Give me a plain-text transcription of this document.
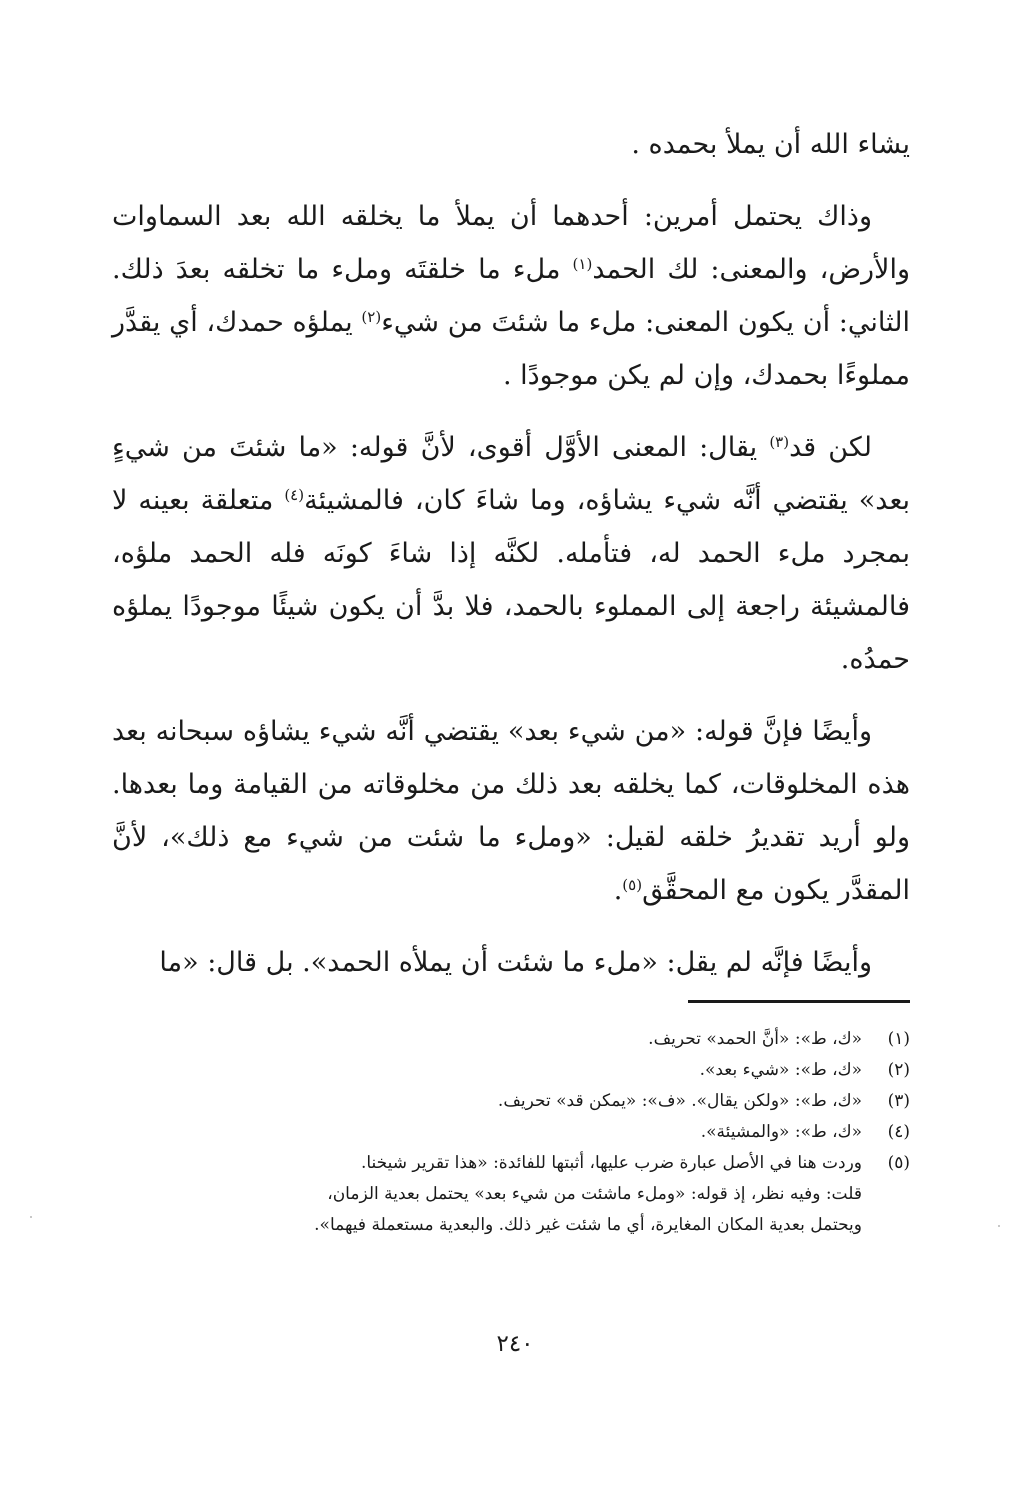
يشاء الله أن يملأ بحمده .

وذاك يحتمل أمرين: أحدهما أن يملأ ما يخلقه الله بعد السماوات والأرض، والمعنى: لك الحمد$^{(١)}$ ملء ما خلقتَه وملء ما تخلقه بعدَ ذلك. الثاني: أن يكون المعنى: ملء ما شئتَ من شيء$^{(٢)}$ يملؤه حمدك، أي يقدَّر مملوءًا بحمدك، وإن لم يكن موجودًا .

لكن قد$^{(٣)}$ يقال: المعنى الأوَّل أقوى، لأنَّ قوله: «ما شئتَ من شيءٍ بعد» يقتضي أنَّه شيء يشاؤه، وما شاءَ كان، فالمشيئة$^{(٤)}$ متعلقة بعينه لا بمجرد ملء الحمد له، فتأمله. لكنَّه إذا شاءَ كونَه فله الحمد ملؤه، فالمشيئة راجعة إلى المملوء بالحمد، فلا بدَّ أن يكون شيئًا موجودًا يملؤه حمدُه.

وأيضًا فإنَّ قوله: «من شيء بعد» يقتضي أنَّه شيء يشاؤه سبحانه بعد هذه المخلوقات، كما يخلقه بعد ذلك من مخلوقاته من القيامة وما بعدها. ولو أريد تقديرُ خلقه لقيل: «وملء ما شئت من شيء مع ذلك»، لأنَّ المقدَّر يكون مع المحقَّق$^{(٥)}$.

وأيضًا فإنَّه لم يقل: «ملء ما شئت أن يملأه الحمد». بل قال: «ما

(١)
«ك، ط»: «أنَّ الحمد» تحريف.
(٢)
«ك، ط»: «شيء بعد».
(٣)
«ك، ط»: «ولكن يقال». «ف»: «يمكن قد» تحريف.
(٤)
«ك، ط»: «والمشيئة».
(٥)
وردت هنا في الأصل عبارة ضرب عليها، أثبتها للفائدة: «هذا تقرير شيخنا.
قلت: وفيه نظر، إذ قوله: «وملء ماشئت من شيء بعد» يحتمل بعدية الزمان،
ويحتمل بعدية المكان المغايرة، أي ما شئت غير ذلك. والبعدية مستعملة فيهما».
٢٤٠
